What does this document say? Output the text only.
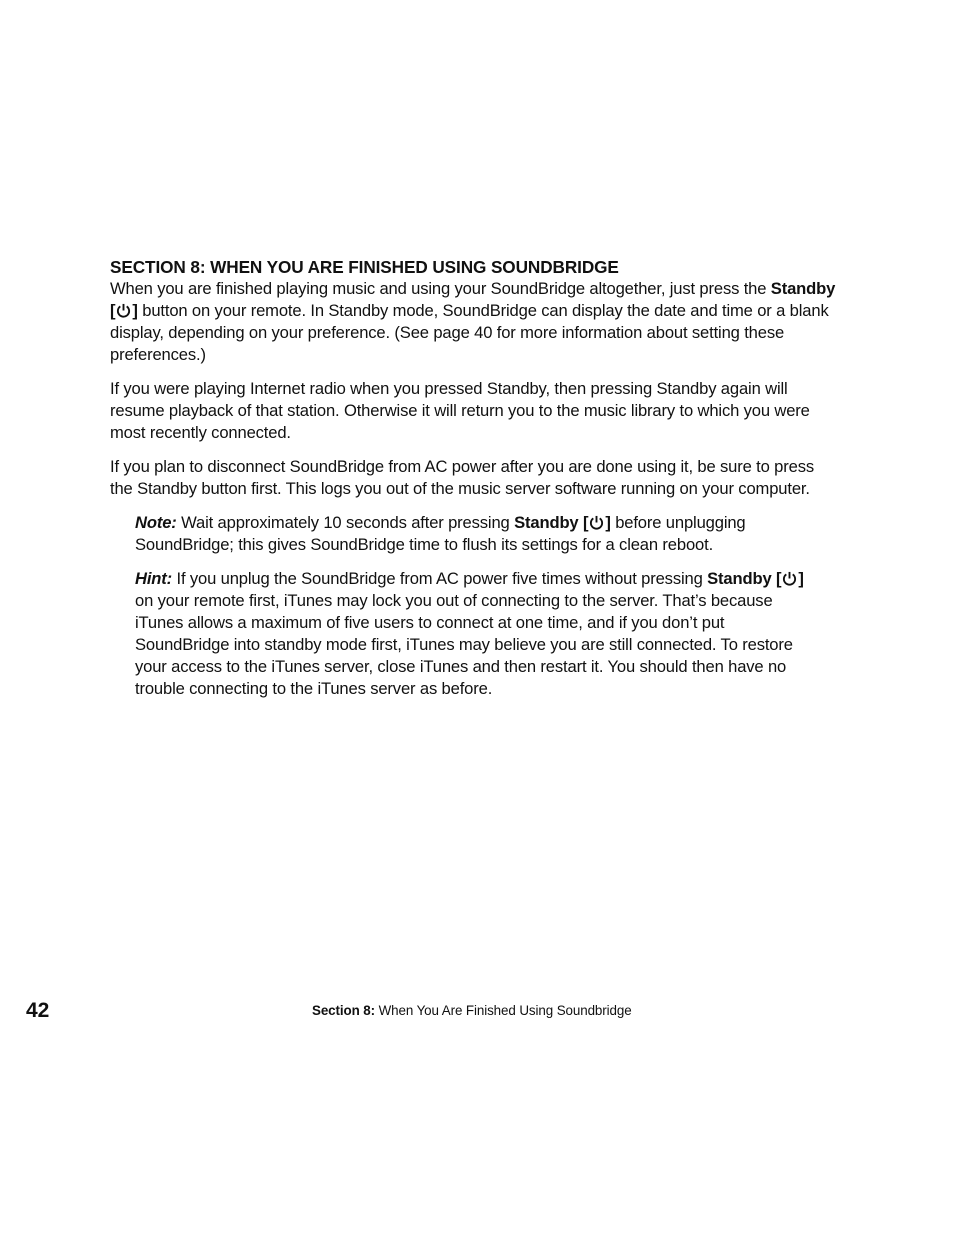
SECTION 8: WHEN YOU ARE FINISHED USING SOUNDBRIDGE

When you are finished playing music and using your SoundBridge altogether, just press the Standby [ ] button on your remote. In Standby mode, SoundBridge can display the date and time or a blank display, depending on your preference. (See page 40 for more information about setting these preferences.)

If you were playing Internet radio when you pressed Standby, then pressing Standby again will resume playback of that station. Otherwise it will return you to the music library to which you were most recently connected.

If you plan to disconnect SoundBridge from AC power after you are done using it, be sure to press the Standby button first. This logs you out of the music server software running on your computer.

Note: Wait approximately 10 seconds after pressing Standby [ ] before unplugging SoundBridge; this gives SoundBridge time to flush its settings for a clean reboot.

Hint: If you unplug the SoundBridge from AC power five times without pressing Standby [ ] on your remote first, iTunes may lock you out of connecting to the server. That’s because iTunes allows a maximum of five users to connect at one time, and if you don’t put SoundBridge into standby mode first, iTunes may believe you are still connected. To restore your access to the iTunes server, close iTunes and then restart it. You should then have no trouble connecting to the iTunes server as before.

42	Section 8: When You Are Finished Using Soundbridge
